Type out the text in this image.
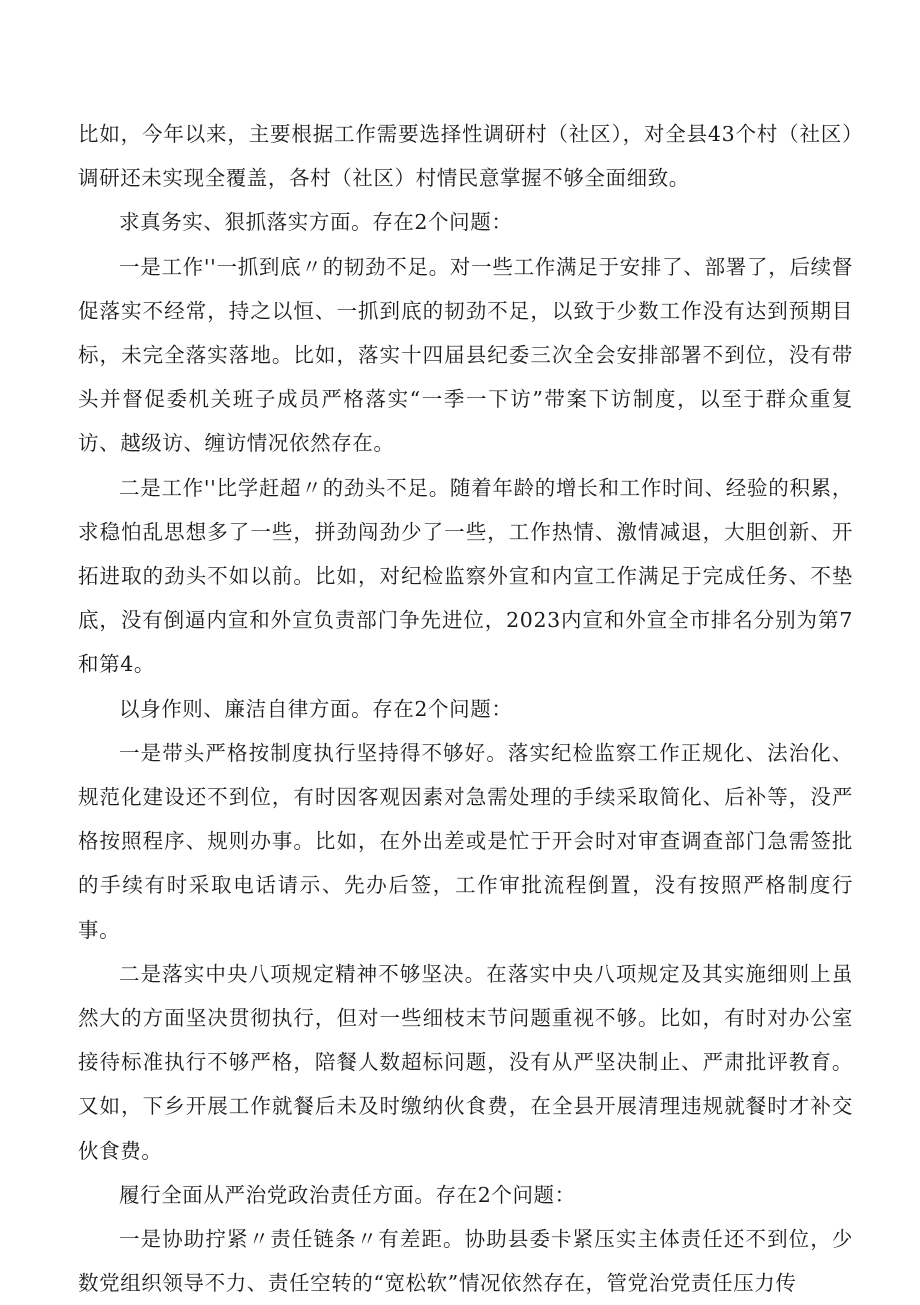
比如，今年以来，主要根据工作需要选择性调研村（社区），对全县43个村（社区）调研还未实现全覆盖，各村（社区）村情民意掌握不够全面细致。

求真务实、狠抓落实方面。存在2个问题：

一是工作''一抓到底〃的韧劲不足。对一些工作满足于安排了、部署了，后续督促落实不经常，持之以恒、一抓到底的韧劲不足，以致于少数工作没有达到预期目标，未完全落实落地。比如，落实十四届县纪委三次全会安排部署不到位，没有带头并督促委机关班子成员严格落实“一季一下访”带案下访制度，以至于群众重复访、越级访、缠访情况依然存在。

二是工作''比学赶超〃的劲头不足。随着年龄的增长和工作时间、经验的积累，求稳怕乱思想多了一些，拼劲闯劲少了一些，工作热情、激情减退，大胆创新、开拓进取的劲头不如以前。比如，对纪检监察外宣和内宣工作满足于完成任务、不垫底，没有倒逼内宣和外宣负责部门争先进位，2023内宣和外宣全市排名分别为第7和第4。

以身作则、廉洁自律方面。存在2个问题：

一是带头严格按制度执行坚持得不够好。落实纪检监察工作正规化、法治化、规范化建设还不到位，有时因客观因素对急需处理的手续采取简化、后补等，没严格按照程序、规则办事。比如，在外出差或是忙于开会时对审查调查部门急需签批的手续有时采取电话请示、先办后签，工作审批流程倒置，没有按照严格制度行事。

二是落实中央八项规定精神不够坚决。在落实中央八项规定及其实施细则上虽然大的方面坚决贯彻执行，但对一些细枝末节问题重视不够。比如，有时对办公室接待标准执行不够严格，陪餐人数超标问题，没有从严坚决制止、严肃批评教育。又如，下乡开展工作就餐后未及时缴纳伙食费，在全县开展清理违规就餐时才补交伙食费。

履行全面从严治党政治责任方面。存在2个问题：

一是协助拧紧〃责任链条〃有差距。协助县委卡紧压实主体责任还不到位，少数党组织领导不力、责任空转的“宽松软”情况依然存在，管党治党责任压力传
